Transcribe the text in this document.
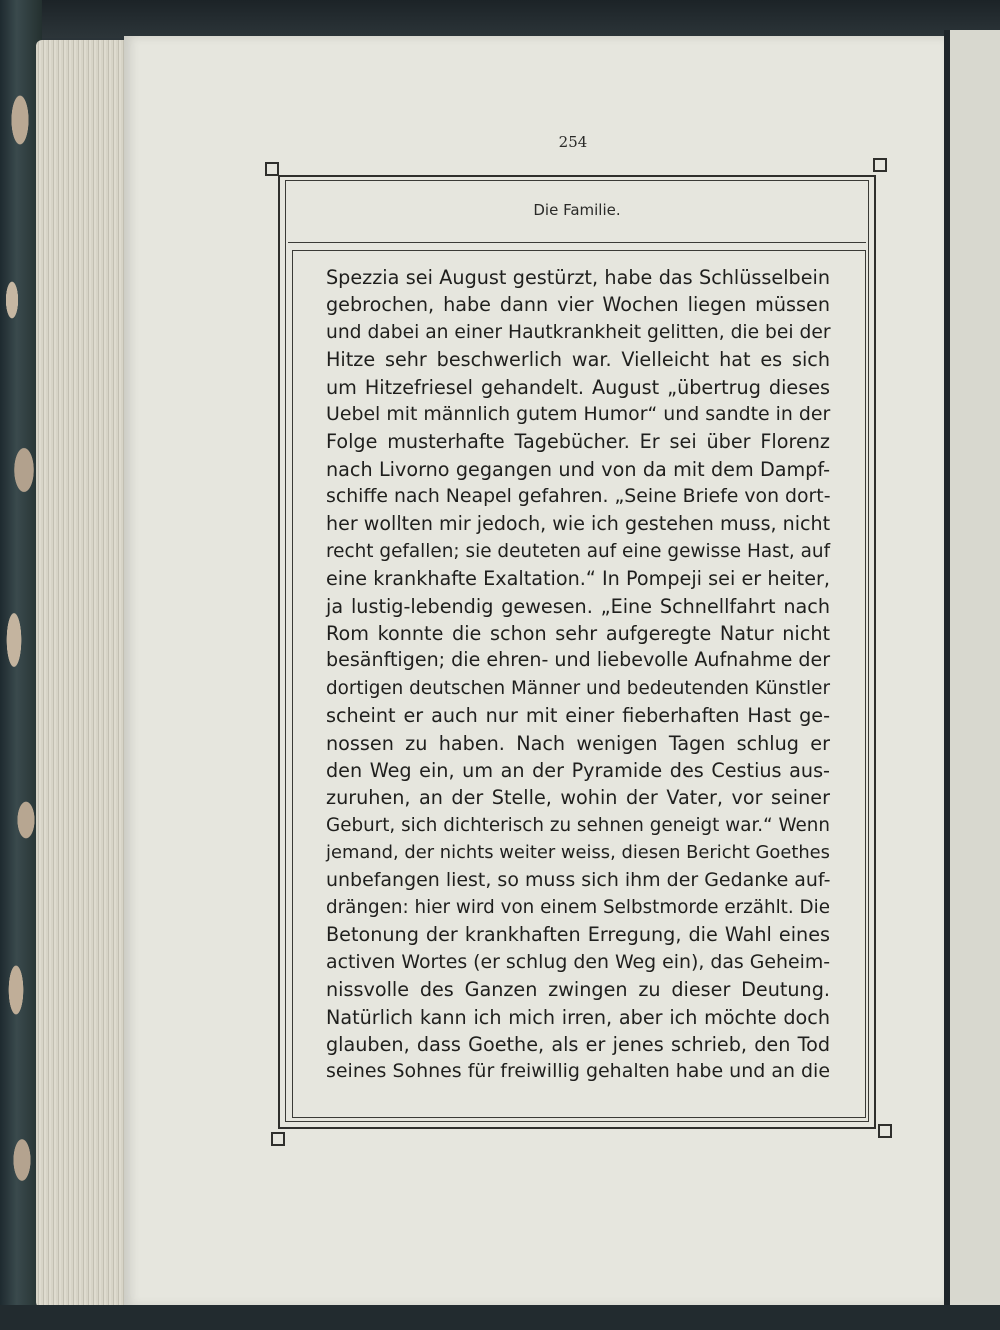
254
Die Familie.
Spezzia sei August gestürzt, habe das Schlüsselbein
gebrochen, habe dann vier Wochen liegen müssen
und dabei an einer Hautkrankheit gelitten, die bei der
Hitze sehr beschwerlich war. Vielleicht hat es sich
um Hitzefriesel gehandelt. August „übertrug dieses
Uebel mit männlich gutem Humor“ und sandte in der
Folge musterhafte Tagebücher. Er sei über Florenz
nach Livorno gegangen und von da mit dem Dampf-
schiffe nach Neapel gefahren. „Seine Briefe von dort-
her wollten mir jedoch, wie ich gestehen muss, nicht
recht gefallen; sie deuteten auf eine gewisse Hast, auf
eine krankhafte Exaltation.“ In Pompeji sei er heiter,
ja lustig-lebendig gewesen. „Eine Schnellfahrt nach
Rom konnte die schon sehr aufgeregte Natur nicht
besänftigen; die ehren- und liebevolle Aufnahme der
dortigen deutschen Männer und bedeutenden Künstler
scheint er auch nur mit einer fieberhaften Hast ge-
nossen zu haben. Nach wenigen Tagen schlug er
den Weg ein, um an der Pyramide des Cestius aus-
zuruhen, an der Stelle, wohin der Vater, vor seiner
Geburt, sich dichterisch zu sehnen geneigt war.“ Wenn
jemand, der nichts weiter weiss, diesen Bericht Goethes
unbefangen liest, so muss sich ihm der Gedanke auf-
drängen: hier wird von einem Selbstmorde erzählt. Die
Betonung der krankhaften Erregung, die Wahl eines
activen Wortes (er schlug den Weg ein), das Geheim-
nissvolle des Ganzen zwingen zu dieser Deutung.
Natürlich kann ich mich irren, aber ich möchte doch
glauben, dass Goethe, als er jenes schrieb, den Tod
seines Sohnes für freiwillig gehalten habe und an die
